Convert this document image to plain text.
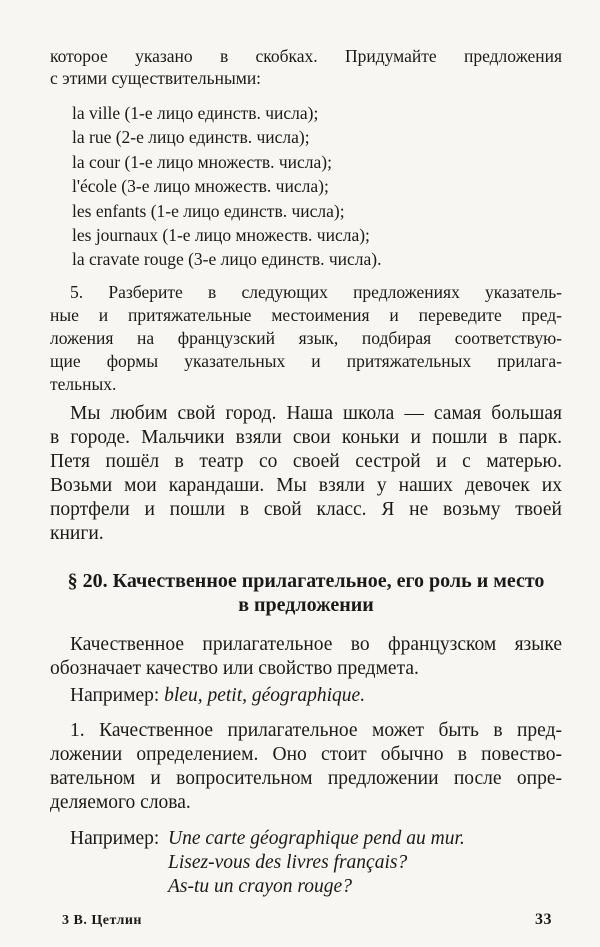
которое указано в скобках. Придумайте предложения
с этими существительными:
la ville (1-е лицо единств. числа);
la rue (2-е лицо единств. числа);
la cour (1-е лицо множеств. числа);
l'école (3-е лицо множеств. числа);
les enfants (1-е лицо единств. числа);
les journaux (1-е лицо множеств. числа);
la cravate rouge (3-е лицо единств. числа).
5. Разберите в следующих предложениях указатель-
ные и притяжательные местоимения и переведите пред-
ложения на французский язык, подбирая соответствую-
щие формы указательных и притяжательных прилага-
тельных.
Мы любим свой город. Наша школа — самая большая
в городе. Мальчики взяли свои коньки и пошли в парк.
Петя пошёл в театр со своей сестрой и с матерью.
Возьми мои карандаши. Мы взяли у наших девочек их
портфели и пошли в свой класс. Я не возьму твоей
книги.
§ 20. Качественное прилагательное, его роль и место
в предложении
Качественное прилагательное во французском языке
обозначает качество или свойство предмета.
Например: bleu, petit, géographique.
1. Качественное прилагательное может быть в пред-
ложении определением. Оно стоит обычно в повество-
вательном и вопросительном предложении после опре-
деляемого слова.
Например: Une carte géographique pend au mur.
Lisez-vous des livres français?
As-tu un crayon rouge?
3 В. Цетлин	33
